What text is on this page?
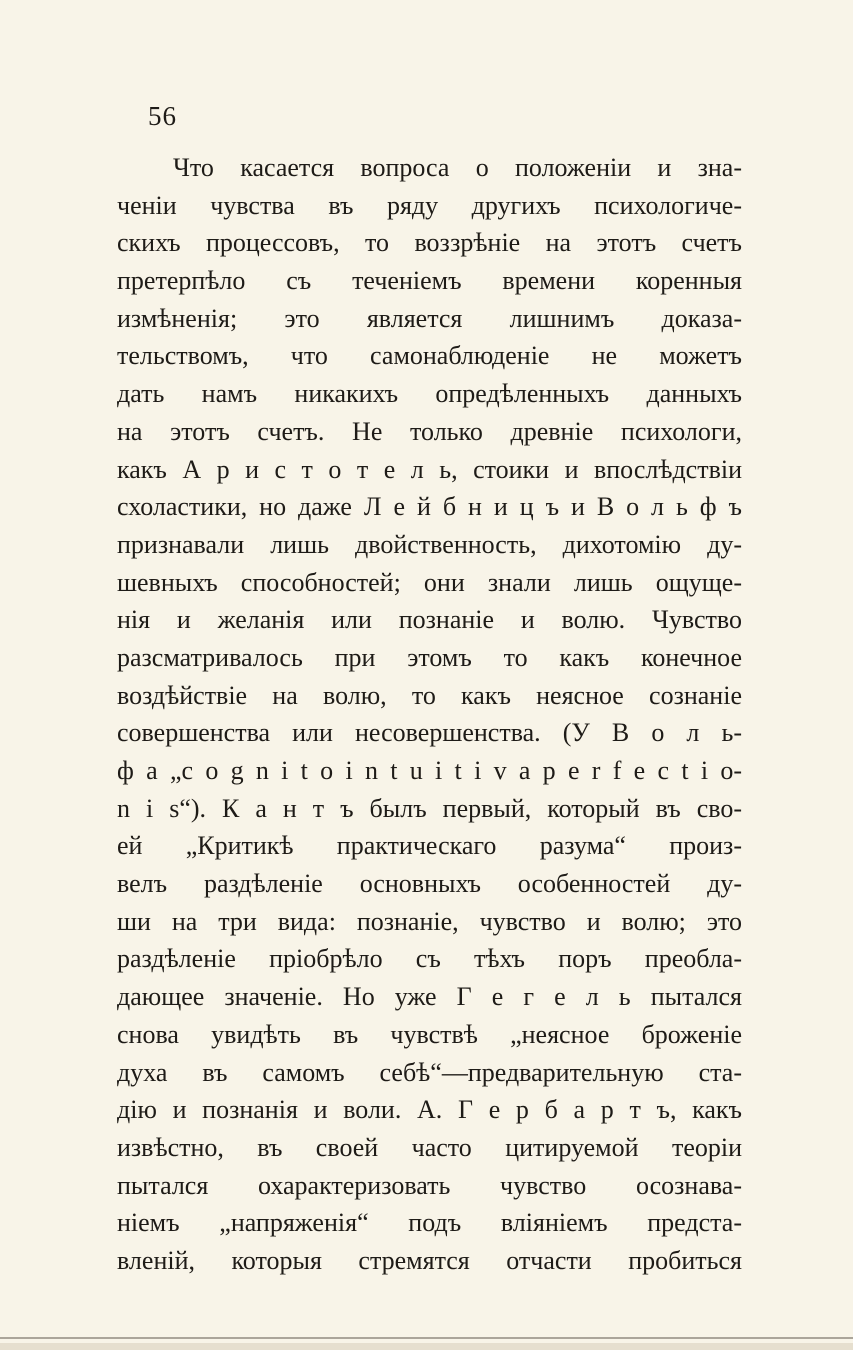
56
Что касается вопроса о положеніи и зна-
ченіи чувства въ ряду другихъ психологиче-
скихъ процессовъ, то воззрѣніе на этотъ счетъ
претерпѣло съ теченіемъ времени коренныя
измѣненія; это является лишнимъ доказа-
тельствомъ, что самонаблюденіе не можетъ
дать намъ никакихъ опредѣленныхъ данныхъ
на этотъ счетъ. Не только древніе психологи,
какъ А р и с т о т е л ь, стоики и впослѣдствіи
схоластики, но даже Л е й б н и ц ъ и В о л ь ф ъ
признавали лишь двойственность, дихотомію ду-
шевныхъ способностей; они знали лишь ощуще-
нія и желанія или познаніе и волю. Чувство
разсматривалось при этомъ то какъ конечное
воздѣйствіе на волю, то какъ неясное сознаніе
совершенства или несовершенства. (У В о л ь-
ф а „c o g n i t o i n t u i t i v a p e r f e c t i o-
n i s“). К а н т ъ былъ первый, который въ сво-
ей „Критикѣ практическаго разума“ произ-
велъ раздѣленіе основныхъ особенностей ду-
ши на три вида: познаніе, чувство и волю; это
раздѣленіе пріобрѣло съ тѣхъ поръ преобла-
дающее значеніе. Но уже Г е г е л ь пытался
снова увидѣть въ чувствѣ „неясное броженіе
духа въ самомъ себѣ“—предварительную ста-
дію и познанія и воли. А. Г е р б а р т ъ, какъ
извѣстно, въ своей часто цитируемой теоріи
пытался охарактеризовать чувство осознава-
ніемъ „напряженія“ подъ вліяніемъ предста-
вленій, которыя стремятся отчасти пробиться
